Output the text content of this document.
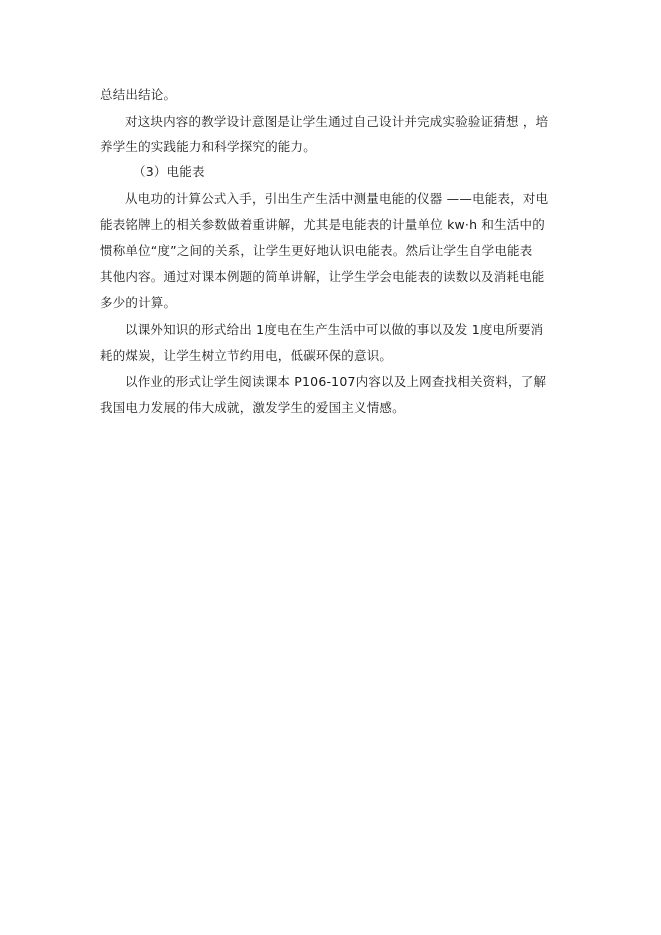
总结出结论。
对这块内容的教学设计意图是让学生通过自己设计并完成实验验证猜想 ，培
养学生的实践能力和科学探究的能力。
（3）电能表
从电功的计算公式入手，引出生产生活中测量电能的仪器 ——电能表，对电
能表铭牌上的相关参数做着重讲解，尤其是电能表的计量单位 kw·h 和生活中的
惯称单位“度”之间的关系，让学生更好地认识电能表。然后让学生自学电能表
其他内容。通过对课本例题的简单讲解，让学生学会电能表的读数以及消耗电能
多少的计算。
以课外知识的形式给出 1度电在生产生活中可以做的事以及发 1度电所要消
耗的煤炭，让学生树立节约用电，低碳环保的意识。
以作业的形式让学生阅读课本 P106-107内容以及上网查找相关资料，了解
我国电力发展的伟大成就，激发学生的爱国主义情感。
